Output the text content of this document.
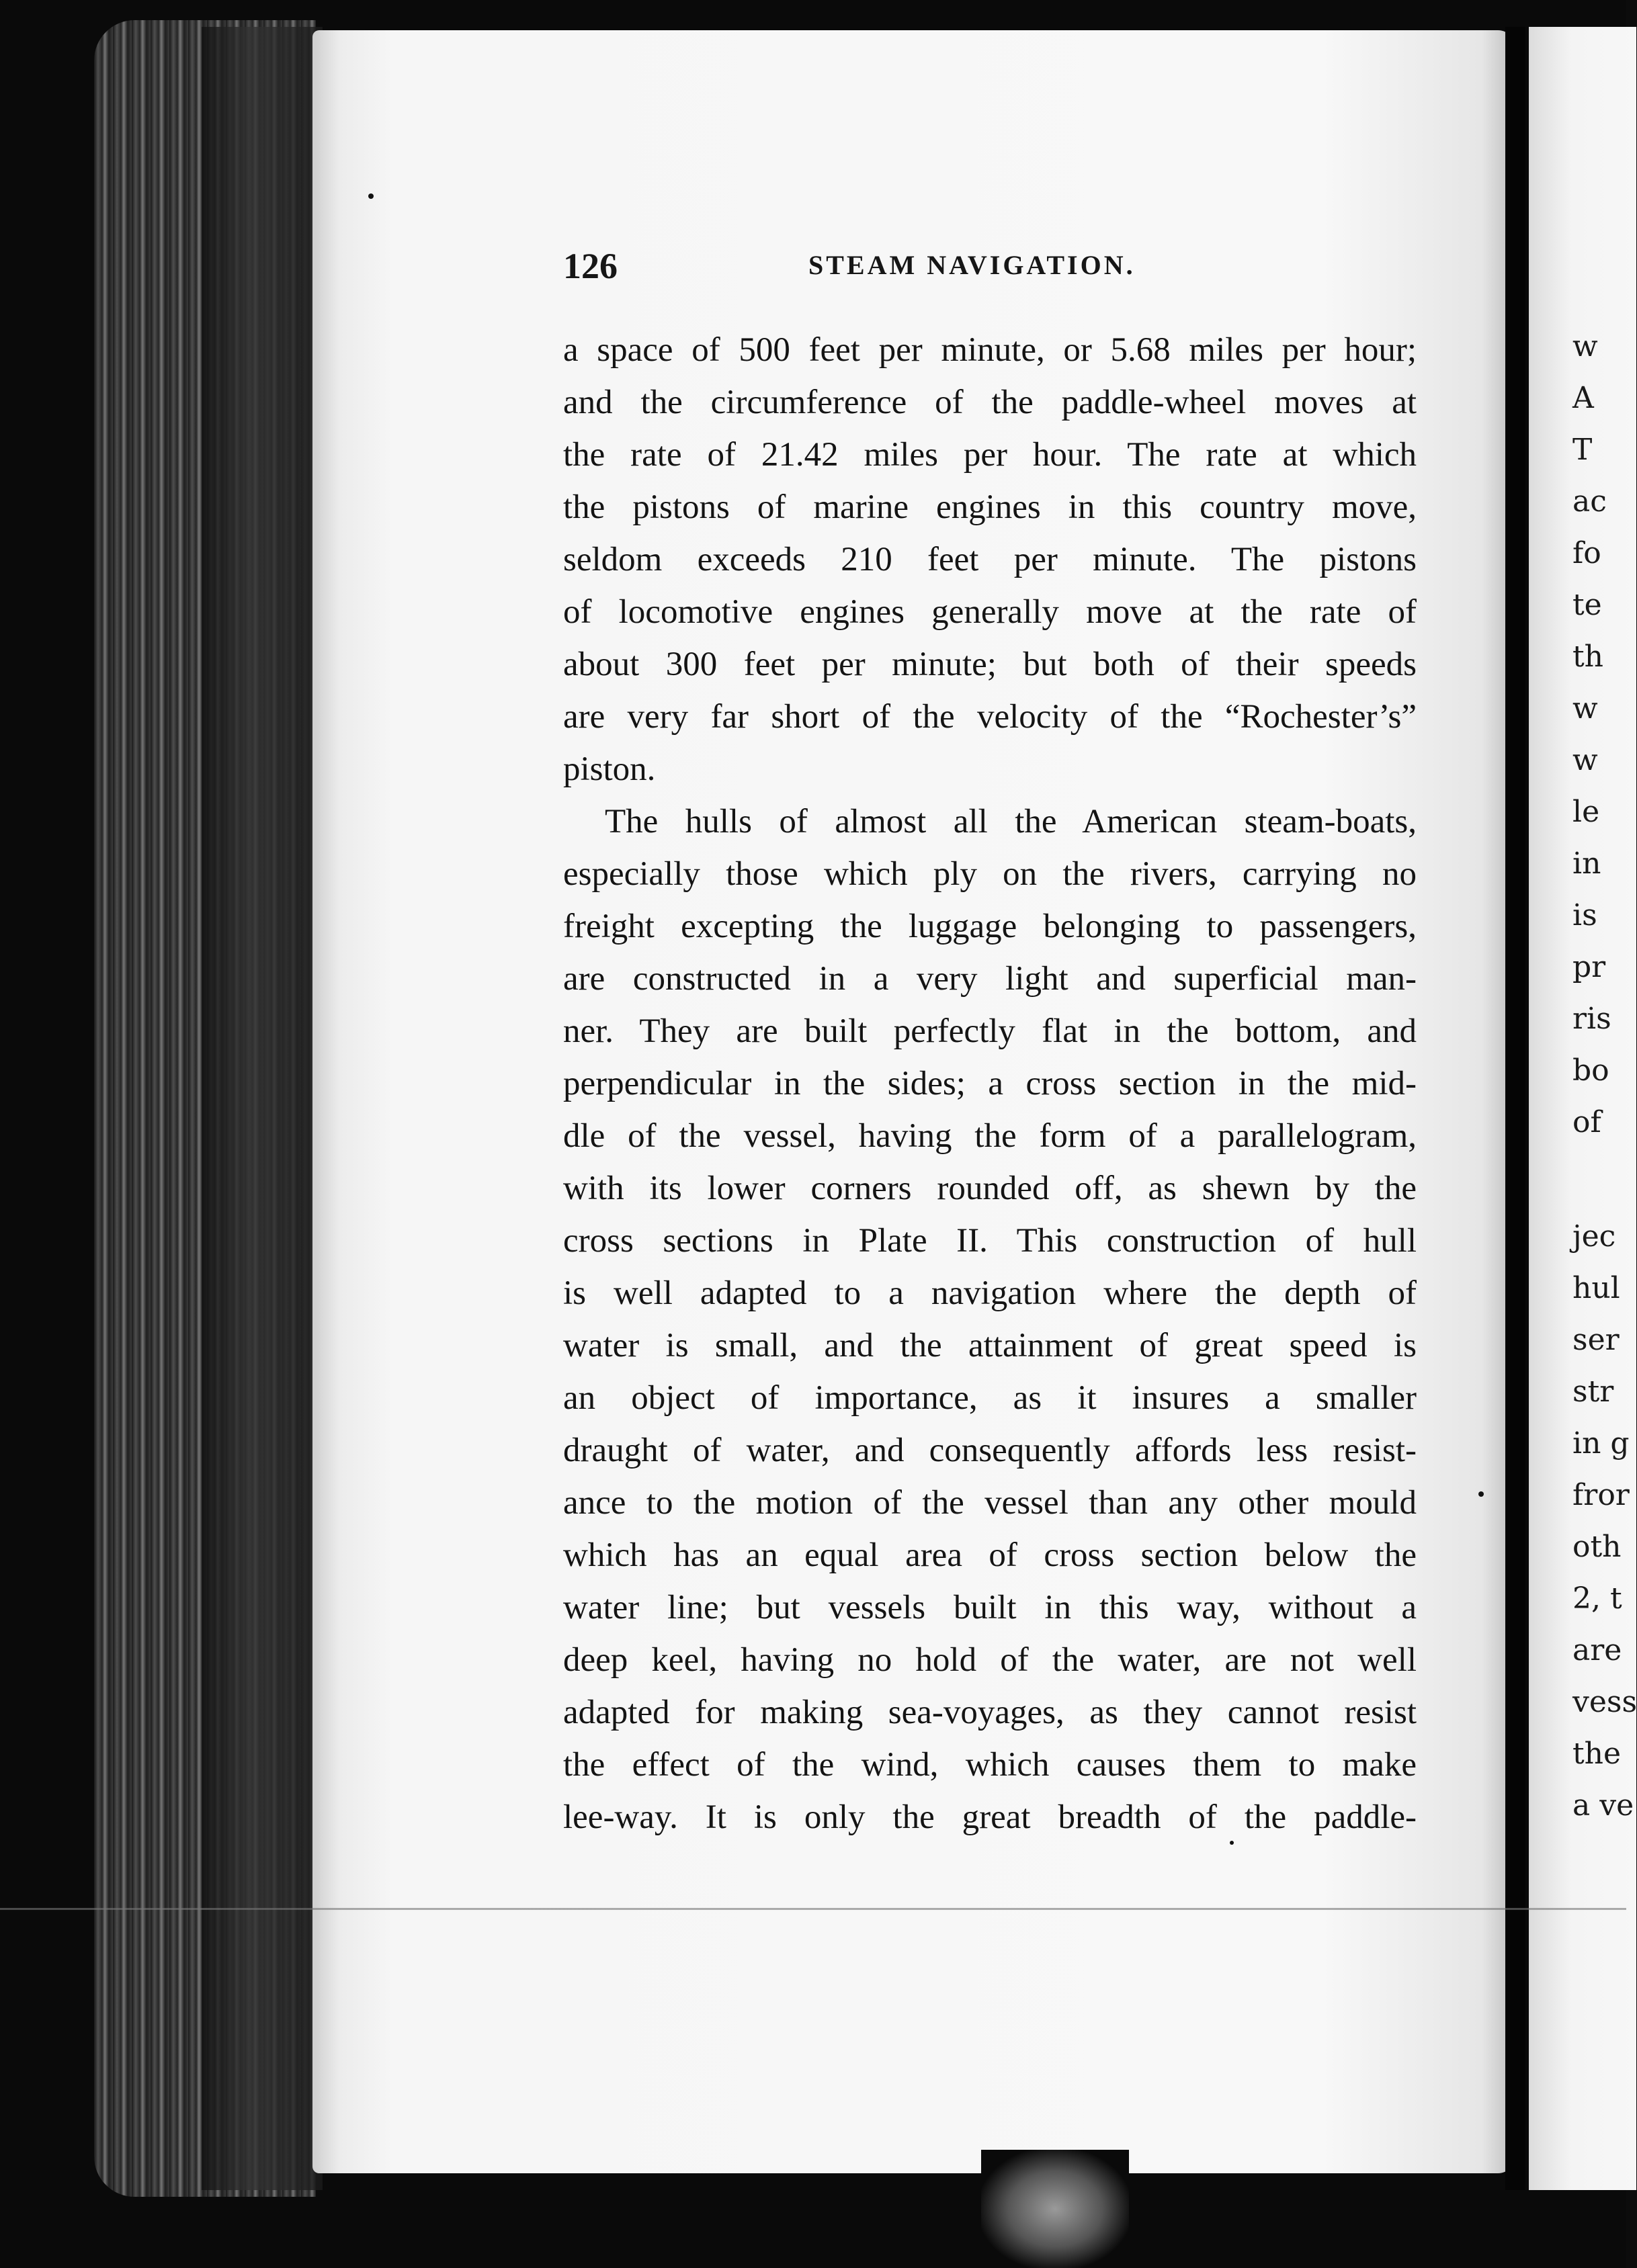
126	STEAM NAVIGATION.
a space of 500 feet per minute, or 5.68 miles per hour;
and the circumference of the paddle-wheel moves at
the rate of 21.42 miles per hour. The rate at which
the pistons of marine engines in this country move,
seldom exceeds 210 feet per minute. The pistons
of locomotive engines generally move at the rate of
about 300 feet per minute; but both of their speeds
are very far short of the velocity of the “Rochester’s”
piston.
The hulls of almost all the American steam-boats,
especially those which ply on the rivers, carrying no
freight excepting the luggage belonging to passengers,
are constructed in a very light and superficial man-
ner. They are built perfectly flat in the bottom, and
perpendicular in the sides; a cross section in the mid-
dle of the vessel, having the form of a parallelogram,
with its lower corners rounded off, as shewn by the
cross sections in Plate II. This construction of hull
is well adapted to a navigation where the depth of
water is small, and the attainment of great speed is
an object of importance, as it insures a smaller
draught of water, and consequently affords less resist-
ance to the motion of the vessel than any other mould
which has an equal area of cross section below the
water line; but vessels built in this way, without a
deep keel, having no hold of the water, are not well
adapted for making sea-voyages, as they cannot resist
the effect of the wind, which causes them to make
lee-way. It is only the great breadth of the paddle-
w
A
T
ac
fo
te
th
w
w
le
in
is
pr
ris
bo
of
jec
hul
ser
str
in g
fror
oth
2, t
are
vess
the
a ve
